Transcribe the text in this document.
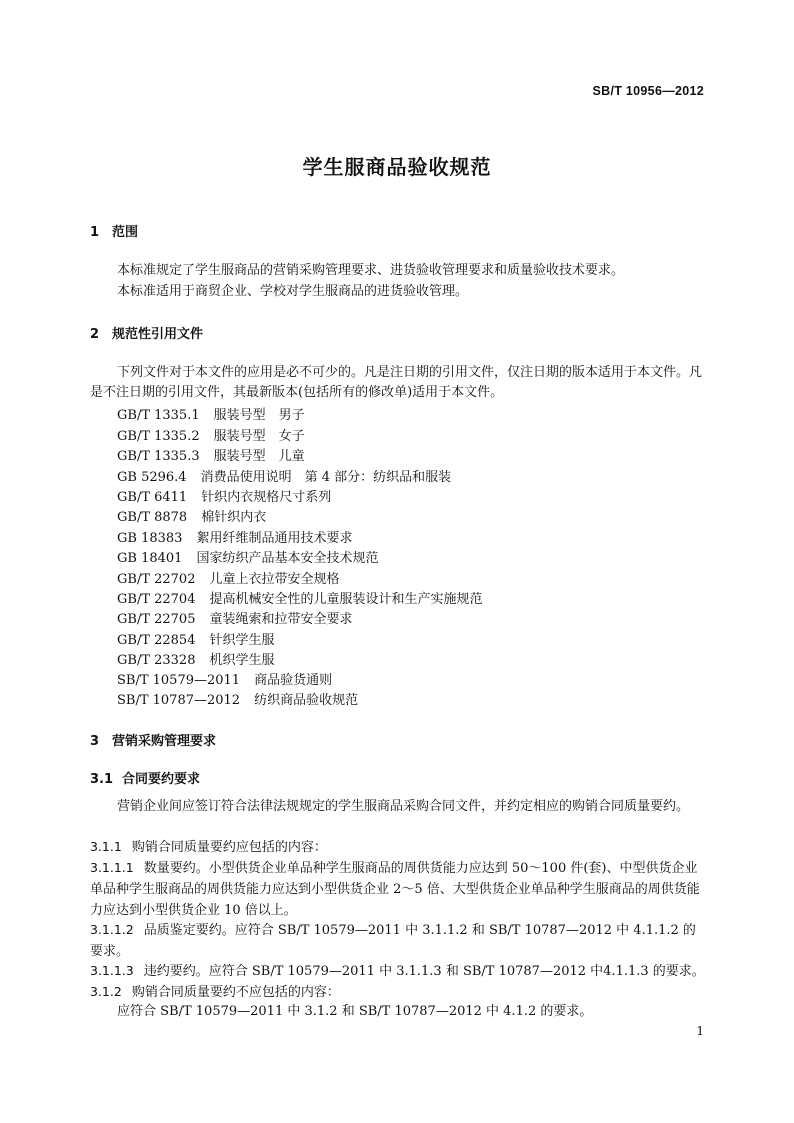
SB/T 10956—2012
学生服商品验收规范
1 范围
本标准规定了学生服商品的营销采购管理要求、进货验收管理要求和质量验收技术要求。
本标准适用于商贸企业、学校对学生服商品的进货验收管理。
2 规范性引用文件
下列文件对于本文件的应用是必不可少的。凡是注日期的引用文件，仅注日期的版本适用于本文件。凡是不注日期的引用文件，其最新版本(包括所有的修改单)适用于本文件。
GB/T 1335.1 服装号型　男子
GB/T 1335.2 服装号型　女子
GB/T 1335.3 服装号型　儿童
GB 5296.4 消费品使用说明　第 4 部分：纺织品和服装
GB/T 6411 针织内衣规格尺寸系列
GB/T 8878 棉针织内衣
GB 18383 絮用纤维制品通用技术要求
GB 18401 国家纺织产品基本安全技术规范
GB/T 22702 儿童上衣拉带安全规格
GB/T 22704 提高机械安全性的儿童服装设计和生产实施规范
GB/T 22705 童装绳索和拉带安全要求
GB/T 22854 针织学生服
GB/T 23328 机织学生服
SB/T 10579—2011 商品验货通则
SB/T 10787—2012 纺织商品验收规范
3 营销采购管理要求
3.1 合同要约要求
营销企业间应签订符合法律法规规定的学生服商品采购合同文件，并约定相应的购销合同质量要约。
3.1.1 购销合同质量要约应包括的内容：
3.1.1.1 数量要约。小型供货企业单品种学生服商品的周供货能力应达到 50～100 件(套)、中型供货企业单品种学生服商品的周供货能力应达到小型供货企业 2～5 倍、大型供货企业单品种学生服商品的周供货能力应达到小型供货企业 10 倍以上。
3.1.1.2 品质鉴定要约。应符合 SB/T 10579—2011 中 3.1.1.2 和 SB/T 10787—2012 中 4.1.1.2 的要求。
3.1.1.3 违约要约。应符合 SB/T 10579—2011 中 3.1.1.3 和 SB/T 10787—2012 中4.1.1.3 的要求。
3.1.2 购销合同质量要约不应包括的内容：
应符合 SB/T 10579—2011 中 3.1.2 和 SB/T 10787—2012 中 4.1.2 的要求。
1
